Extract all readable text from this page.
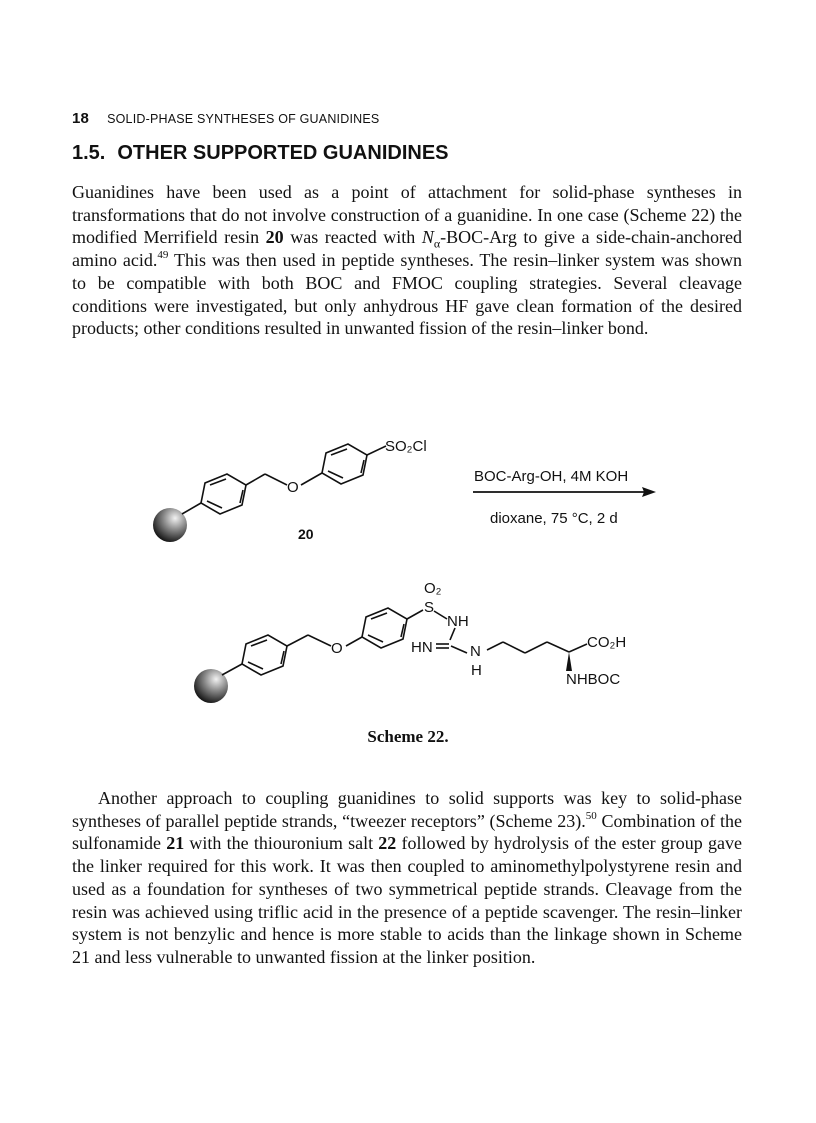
18 SOLID-PHASE SYNTHESES OF GUANIDINES
1.5. OTHER SUPPORTED GUANIDINES
Guanidines have been used as a point of attachment for solid-phase syntheses in transformations that do not involve construction of a guanidine. In one case (Scheme 22) the modified Merrifield resin 20 was reacted with $N_\alpha-BOC$-Arg to give a side-chain-anchored amino acid.$^{49}$ This was then used in peptide syntheses. The resin–linker system was shown to be compatible with both BOC and FMOC coupling strategies. Several cleavage conditions were investigated, but only anhydrous HF gave clean formation of the desired products; other conditions resulted in unwanted fission of the resin–linker bond.
O
SO₂Cl
20
BOC-Arg-OH, 4M KOH
dioxane, 75 °C, 2 d
O
O₂
S
NH
HN N
H
CO₂H
NHBOC
Scheme 22.
Another approach to coupling guanidines to solid supports was key to solid-phase syntheses of parallel peptide strands, “tweezer receptors” (Scheme 23).$^{50}$ Combination of the sulfonamide 21 with the thiouronium salt 22 followed by hydrolysis of the ester group gave the linker required for this work. It was then coupled to aminomethylpolystyrene resin and used as a foundation for syntheses of two symmetrical peptide strands. Cleavage from the resin was achieved using triflic acid in the presence of a peptide scavenger. The resin–linker system is not benzylic and hence is more stable to acids than the linkage shown in Scheme 21 and less vulnerable to unwanted fission at the linker position.
